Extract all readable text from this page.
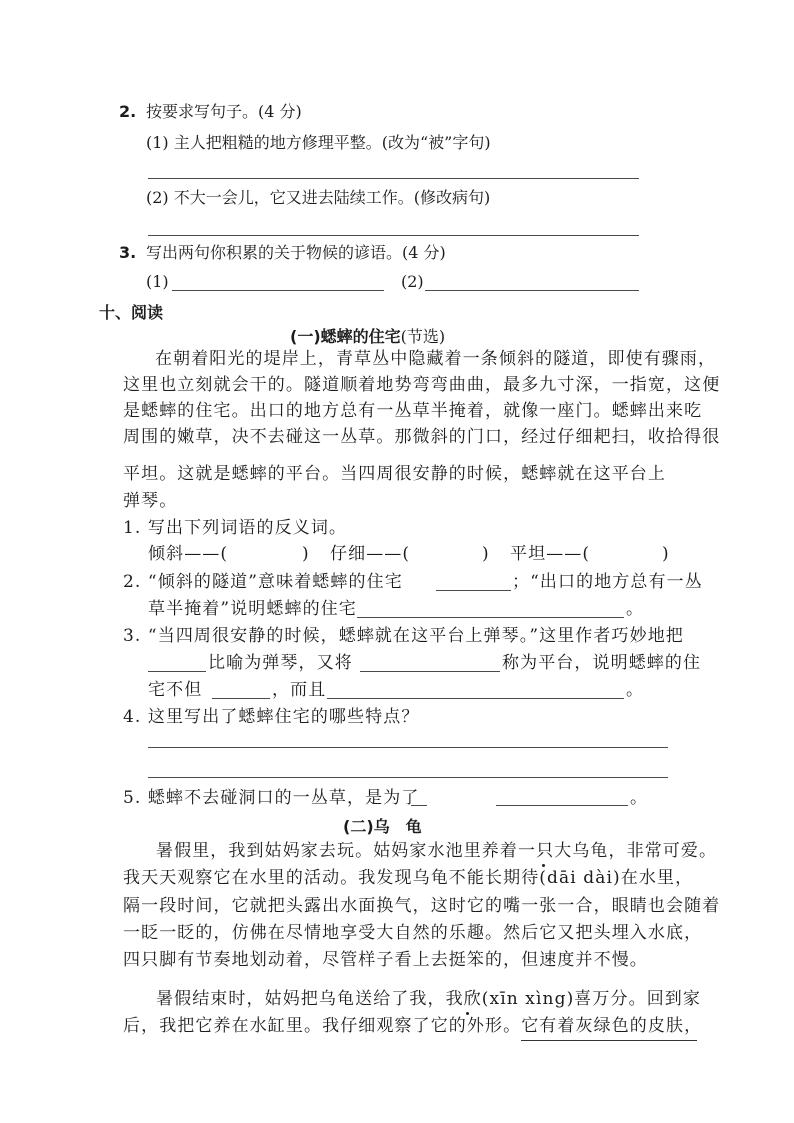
2. 按要求写句子。(4 分)
(1) 主人把粗糙的地方修理平整。(改为“被”字句)
(2) 不大一会儿，它又进去陆续工作。(修改病句)
3. 写出两句你积累的关于物候的谚语。(4 分)
(1)	(2)
十、阅读
(一)蟋蟀的住宅(节选)
在朝着阳光的堤岸上，青草丛中隐藏着一条倾斜的隧道，即使有骤雨，
这里也立刻就会干的。隧道顺着地势弯弯曲曲，最多九寸深，一指宽，这便
是蟋蟀的住宅。出口的地方总有一丛草半掩着，就像一座门。蟋蟀出来吃
周围的嫩草，决不去碰这一丛草。那微斜的门口，经过仔细耙扫，收拾得很
平坦。这就是蟋蟀的平台。当四周很安静的时候，蟋蟀就在这平台上
弹琴。
1. 写出下列词语的反义词。
倾斜——(	) 仔细——(	) 平坦——(	)
2. “倾斜的隧道”意味着蟋蟀的住宅	；“出口的地方总有一丛
草半掩着”说明蟋蟀的住宅	。
3. “当四周很安静的时候，蟋蟀就在这平台上弹琴。”这里作者巧妙地把
比喻为弹琴，又将	称为平台，说明蟋蟀的住
宅不但	，而且	。
4. 这里写出了蟋蟀住宅的哪些特点？
5. 蟋蟀不去碰洞口的一丛草，是为了	。
(二)乌　龟
暑假里，我到姑妈家去玩。姑妈家水池里养着一只大乌龟，非常可爱。
我天天观察它在水里的活动。我发现乌龟不能长期待(dāi dài)在水里，
隔一段时间，它就把头露出水面换气，这时它的嘴一张一合，眼睛也会随着
一眨一眨的，仿佛在尽情地享受大自然的乐趣。然后它又把头埋入水底，
四只脚有节奏地划动着，尽管样子看上去挺笨的，但速度并不慢。
暑假结束时，姑妈把乌龟送给了我，我欣(xīn xìng)喜万分。回到家
后，我把它养在水缸里。我仔细观察了它的外形。它有着灰绿色的皮肤，
